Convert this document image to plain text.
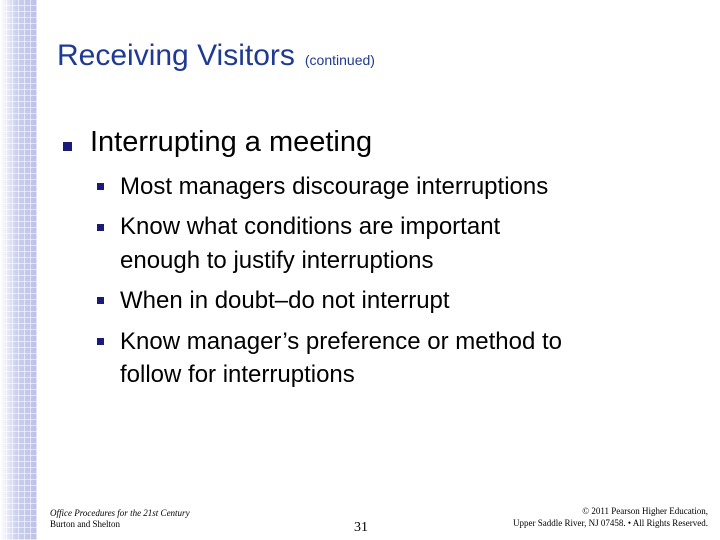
Receiving Visitors (continued)

Interrupting a meeting

Most managers discourage interruptions

Know what conditions are important

enough to justify interruptions

When in doubt–do not interrupt

Know manager’s preference or method to

follow for interruptions

Office Procedures for the 21st Century
Burton and Shelton	31
© 2011 Pearson Higher Education,
Upper Saddle River, NJ 07458. • All Rights Reserved.
